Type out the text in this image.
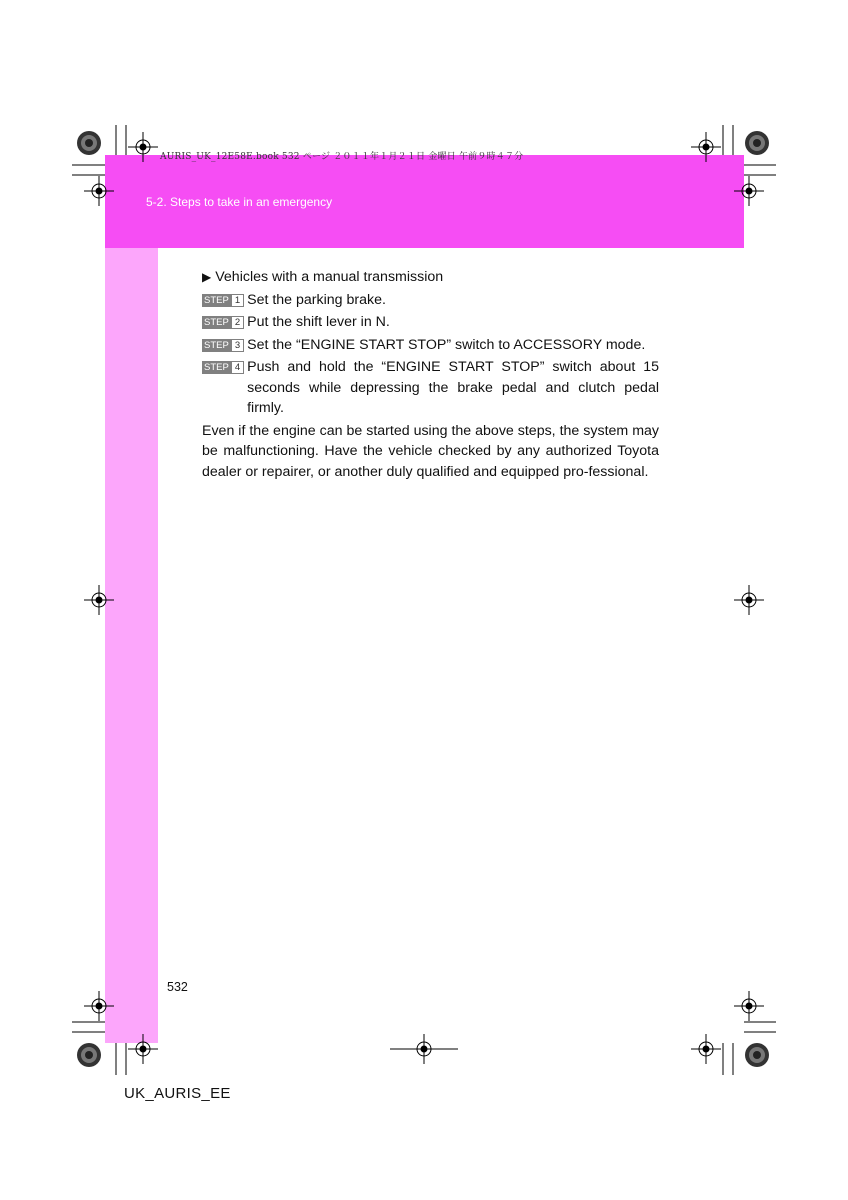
AURIS_UK_12E58E.book 532 ページ ２０１１年１月２１日 金曜日 午前９時４７分
5-2. Steps to take in an emergency
▶ Vehicles with a manual transmission
STEP 1 Set the parking brake.
STEP 2 Put the shift lever in N.
STEP 3 Set the “ENGINE START STOP” switch to ACCESSORY mode.
STEP 4 Push and hold the “ENGINE START STOP” switch about 15 seconds while depressing the brake pedal and clutch pedal firmly.
Even if the engine can be started using the above steps, the system may be malfunctioning. Have the vehicle checked by any authorized Toyota dealer or repairer, or another duly qualified and equipped pro-fessional.
532
UK_AURIS_EE
